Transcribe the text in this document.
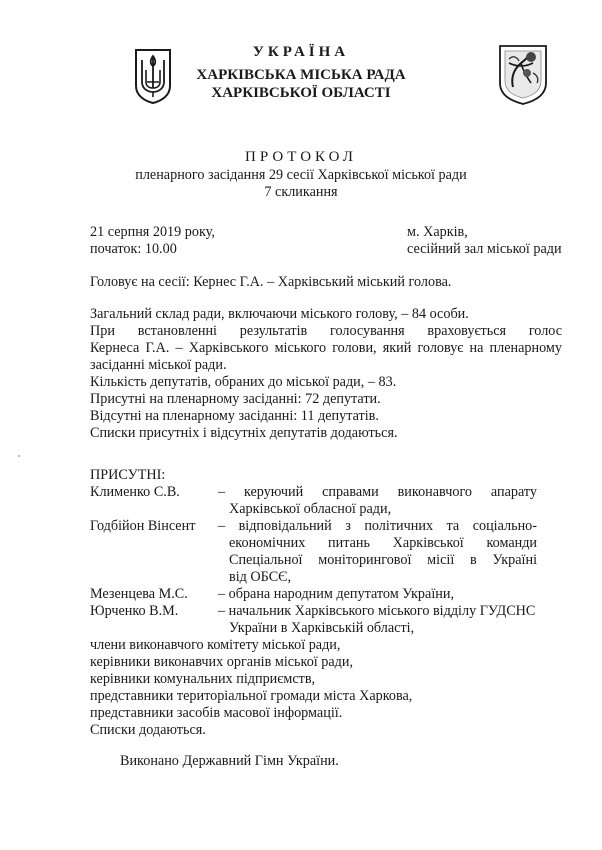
УКРАЇНА
ХАРКІВСЬКА МІСЬКА РАДА
ХАРКІВСЬКОЇ ОБЛАСТІ
ПРОТОКОЛ
пленарного засідання 29 сесії Харківської міської ради
7 скликання
21 серпня 2019 року,
початок: 10.00
м. Харків,
сесійний зал міської ради
Головує на сесії: Кернес Г.А. – Харківський міський голова.
Загальний склад ради, включаючи міського голову, – 84 особи.
При встановленні результатів голосування враховується голос
Кернеса Г.А. – Харківського міського голови, який головує на пленарному
засіданні міської ради.
Кількість депутатів, обраних до міської ради, – 83.
Присутні на пленарному засіданні: 72 депутати.
Відсутні на пленарному засіданні: 11 депутатів.
Списки присутніх і відсутніх депутатів додаються.
ПРИСУТНІ:
Клименко С.В.	– керуючий справами виконавчого апарату
Харківської обласної ради,
Годбійон Вінсент – відповідальний з політичних та соціально-
економічних питань Харківської команди
Спеціальної моніторингової місії в Україні
від ОБСЄ,
Мезенцева М.С. – обрана народним депутатом України,
Юрченко В.М.	– начальник Харківського міського відділу ГУДСНС
України в Харківській області,
члени виконавчого комітету міської ради,
керівники виконавчих органів міської ради,
керівники комунальних підприємств,
представники територіальної громади міста Харкова,
представники засобів масової інформації.
Списки додаються.
Виконано Державний Гімн України.
